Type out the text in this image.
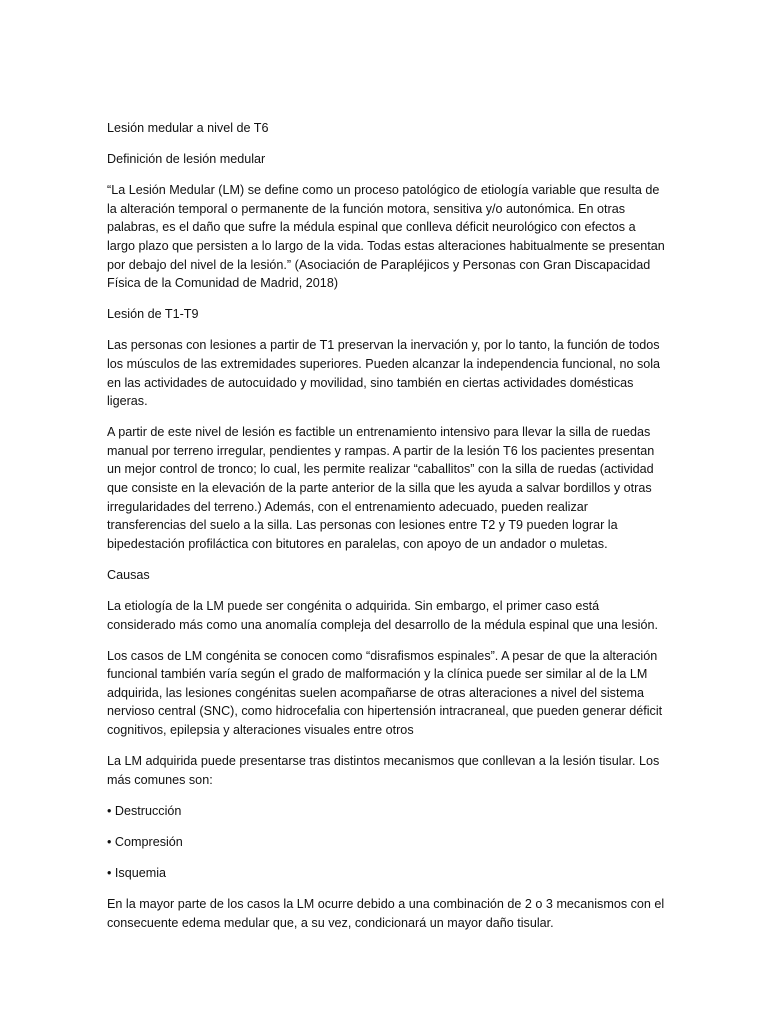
Lesión medular a nivel de T6

Definición de lesión medular

“La Lesión Medular (LM) se define como un proceso patológico de etiología variable que resulta de la alteración temporal o permanente de la función motora, sensitiva y/o autonómica. En otras palabras, es el daño que sufre la médula espinal que conlleva déficit neurológico con efectos a largo plazo que persisten a lo largo de la vida. Todas estas alteraciones habitualmente se presentan por debajo del nivel de la lesión.” (Asociación de Parapléjicos y Personas con Gran Discapacidad Física de la Comunidad de Madrid, 2018)

Lesión de T1-T9

Las personas con lesiones a partir de T1 preservan la inervación y, por lo tanto, la función de todos los músculos de las extremidades superiores. Pueden alcanzar la independencia funcional, no sola en las actividades de autocuidado y movilidad, sino también en ciertas actividades domésticas ligeras.

A partir de este nivel de lesión es factible un entrenamiento intensivo para llevar la silla de ruedas manual por terreno irregular, pendientes y rampas. A partir de la lesión T6 los pacientes presentan un mejor control de tronco; lo cual, les permite realizar “caballitos” con la silla de ruedas (actividad que consiste en la elevación de la parte anterior de la silla que les ayuda a salvar bordillos y otras irregularidades del terreno.) Además, con el entrenamiento adecuado, pueden realizar transferencias del suelo a la silla. Las personas con lesiones entre T2 y T9 pueden lograr la bipedestación profiláctica con bitutores en paralelas, con apoyo de un andador o muletas.

Causas

La etiología de la LM puede ser congénita o adquirida. Sin embargo, el primer caso está considerado más como una anomalía compleja del desarrollo de la médula espinal que una lesión.

Los casos de LM congénita se conocen como “disrafismos espinales”. A pesar de que la alteración funcional también varía según el grado de malformación y la clínica puede ser similar al de la LM adquirida, las lesiones congénitas suelen acompañarse de otras alteraciones a nivel del sistema nervioso central (SNC), como hidrocefalia con hipertensión intracraneal, que pueden generar déficit cognitivos, epilepsia y alteraciones visuales entre otros

La LM adquirida puede presentarse tras distintos mecanismos que conllevan a la lesión tisular. Los más comunes son:

• Destrucción

• Compresión

• Isquemia

En la mayor parte de los casos la LM ocurre debido a una combinación de 2 o 3 mecanismos con el consecuente edema medular que, a su vez, condicionará un mayor daño tisular.
